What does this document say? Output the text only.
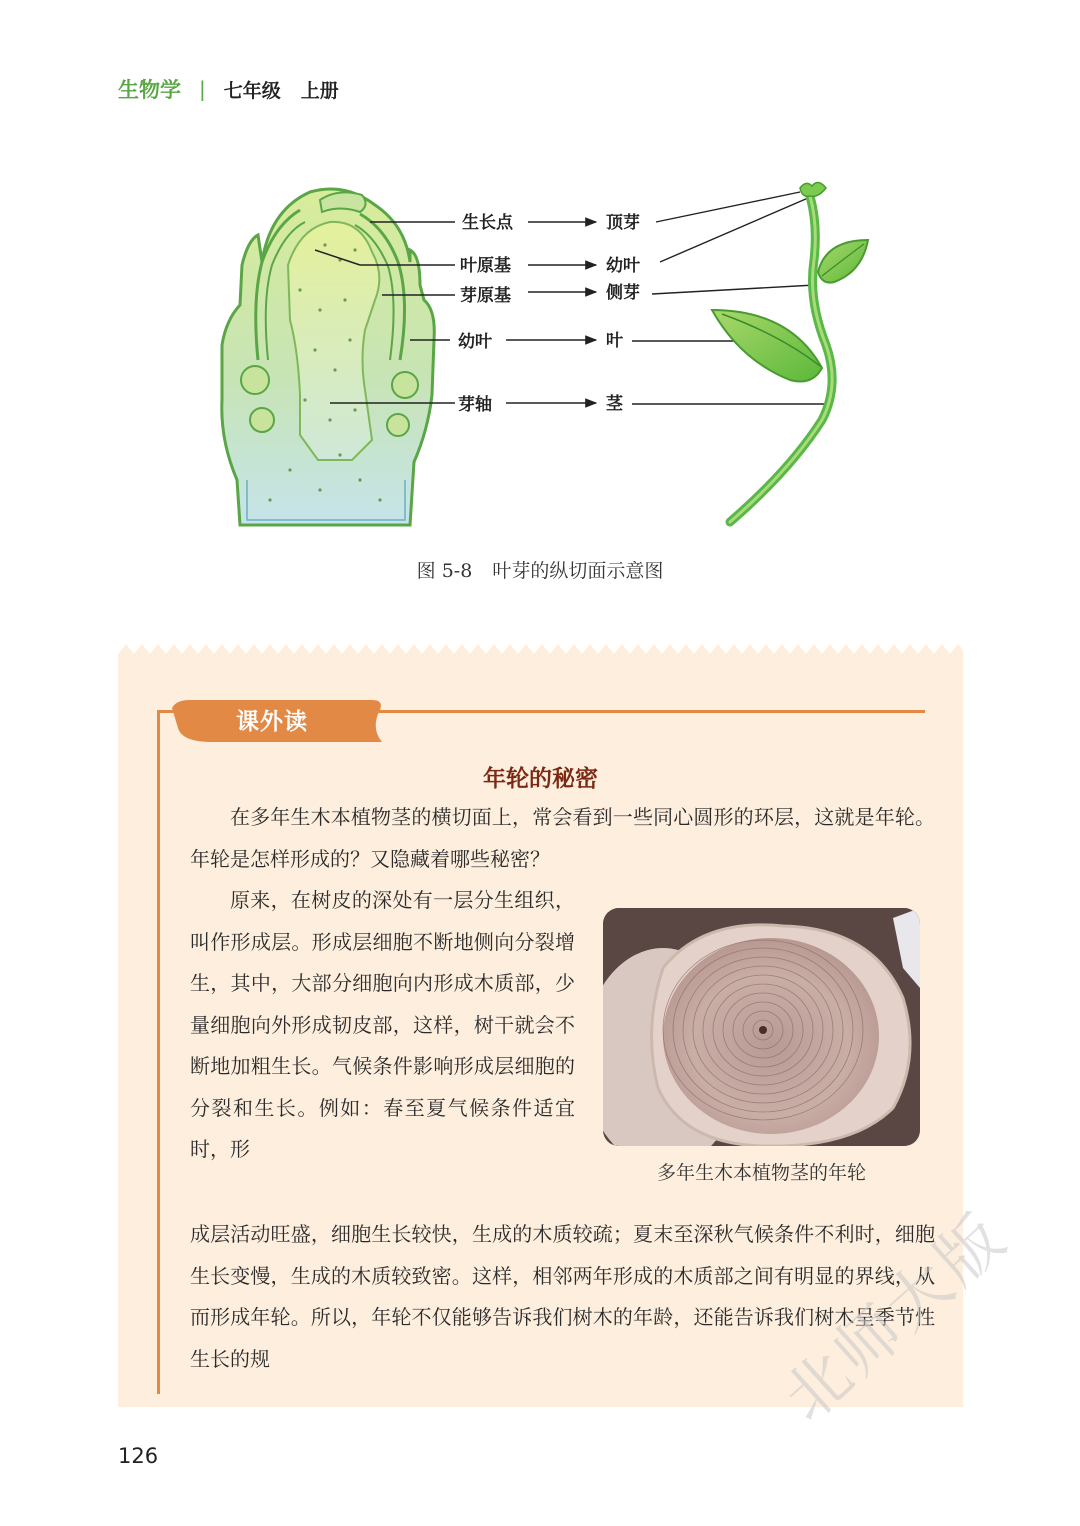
生物学 | 七年级 上册
生长点
叶原基
芽原基
幼叶
芽轴
顶芽
幼叶
侧芽
叶
茎
图 5-8 叶芽的纵切面示意图
课外读
年轮的秘密

在多年生木本植物茎的横切面上，常会看到一些同心圆形的环层，这就是年轮。年轮是怎样形成的？又隐藏着哪些秘密？

原来，在树皮的深处有一层分生组织，叫作形成层。形成层细胞不断地侧向分裂增生，其中，大部分细胞向内形成木质部，少量细胞向外形成韧皮部，这样，树干就会不断地加粗生长。气候条件影响形成层细胞的分裂和生长。例如：春至夏气候条件适宜时，形

成层活动旺盛，细胞生长较快，生成的木质较疏；夏末至深秋气候条件不利时，细胞生长变慢，生成的木质较致密。这样，相邻两年形成的木质部之间有明显的界线，从而形成年轮。所以，年轮不仅能够告诉我们树木的年龄，还能告诉我们树木呈季节性生长的规

多年生木本植物茎的年轮
126
北师大版
